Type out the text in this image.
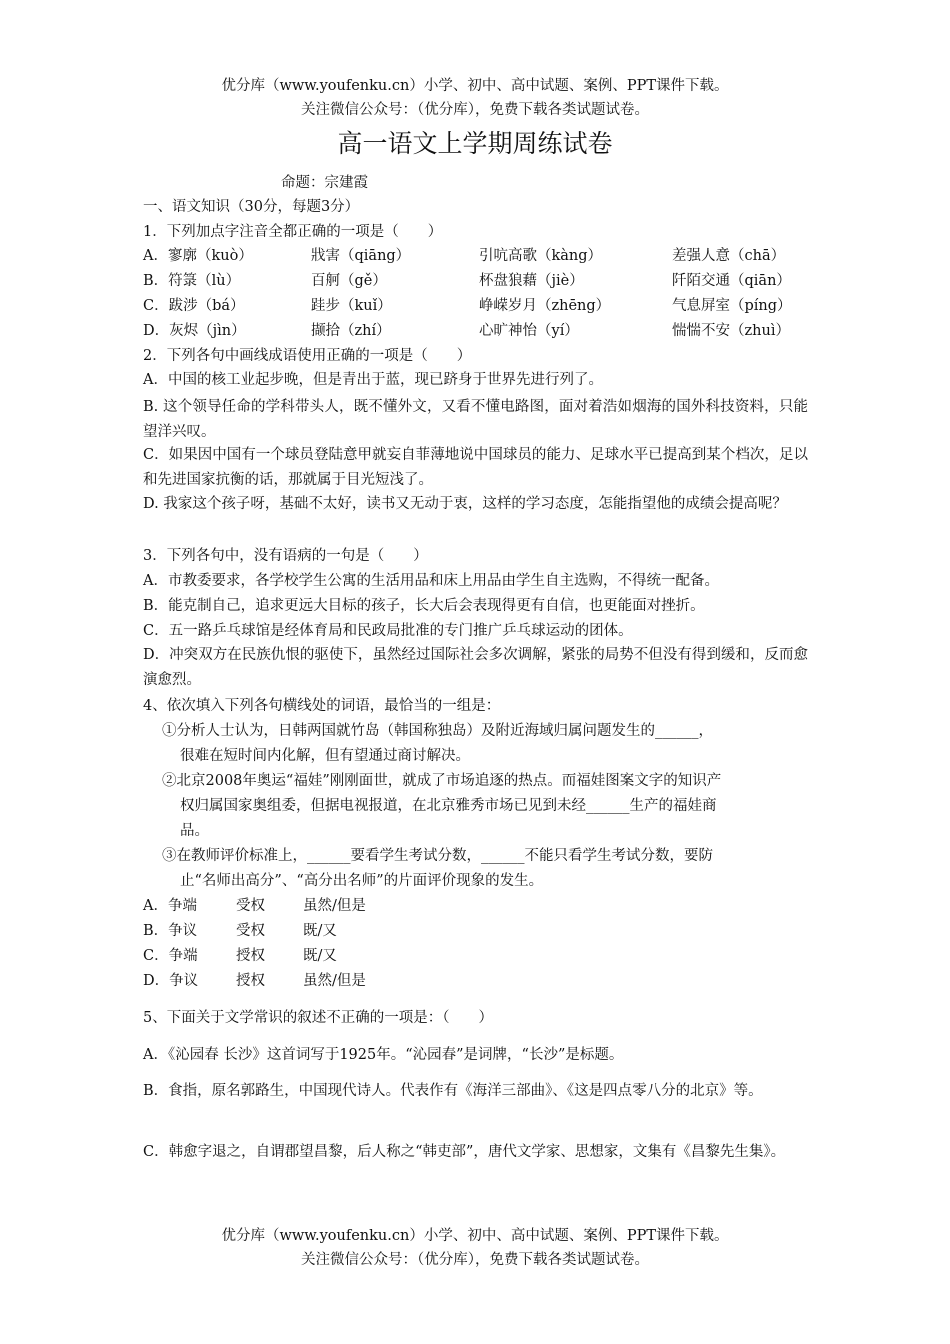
优分库（www.youfenku.cn）小学、初中、高中试题、案例、PPT课件下载。
关注微信公众号：（优分库），免费下载各类试题试卷。
高一语文上学期周练试卷
命题：宗建霞
一、语文知识（30分，每题3分）
1．下列加点字注音全都正确的一项是（　　）
A．寥廓（kuò）	戕害（qiāng）	引吭高歌（kàng）	差强人意（chā）
B．符箓（lù）	百舸（gě）	杯盘狼藉（jiè）	阡陌交通（qiān）
C．跋涉（bá）	跬步（kuǐ）	峥嵘岁月（zhēng）	气息屏室（píng）
D．灰烬（jìn）	撷拾（zhí）	心旷神怡（yí）	惴惴不安（zhuì）
2．下列各句中画线成语使用正确的一项是（　　）
A．中国的核工业起步晚，但是青出于蓝，现已跻身于世界先进行列了。
B. 这个领导任命的学科带头人，既不懂外文，又看不懂电路图，面对着浩如烟海的国外科技资料，只能望洋兴叹。
C．如果因中国有一个球员登陆意甲就妄自菲薄地说中国球员的能力、足球水平已提高到某个档次，足以和先进国家抗衡的话，那就属于目光短浅了。
D. 我家这个孩子呀，基础不太好，读书又无动于衷，这样的学习态度，怎能指望他的成绩会提高呢？
3．下列各句中，没有语病的一句是（　　）
A．市教委要求，各学校学生公寓的生活用品和床上用品由学生自主选购，不得统一配备。
B．能克制自己，追求更远大目标的孩子，长大后会表现得更有自信，也更能面对挫折。
C．五一路乒乓球馆是经体育局和民政局批准的专门推广乒乓球运动的团体。
D．冲突双方在民族仇恨的驱使下，虽然经过国际社会多次调解，紧张的局势不但没有得到缓和，反而愈演愈烈。
4、依次填入下列各句横线处的词语，最恰当的一组是：
①分析人士认为，日韩两国就竹岛（韩国称独岛）及附近海域归属问题发生的______，
很难在短时间内化解，但有望通过商讨解决。
②北京2008年奥运“福娃”刚刚面世，就成了市场追逐的热点。而福娃图案文字的知识产
权归属国家奥组委，但据电视报道，在北京雅秀市场已见到未经______生产的福娃商
品。
③在教师评价标准上，______要看学生考试分数，______不能只看学生考试分数，要防
止“名师出高分”、“高分出名师”的片面评价现象的发生。
A．争端	受权	虽然/但是
B．争议	受权	既/又
C．争端	授权	既/又
D．争议	授权	虽然/但是
5、下面关于文学常识的叙述不正确的一项是：（　　）
A．《沁园春 长沙》这首词写于1925年。“沁园春”是词牌，“长沙”是标题。
B．食指，原名郭路生，中国现代诗人。代表作有《海洋三部曲》、《这是四点零八分的北京》等。
C．韩愈字退之，自谓郡望昌黎，后人称之“韩吏部”，唐代文学家、思想家，文集有《昌黎先生集》。
优分库（www.youfenku.cn）小学、初中、高中试题、案例、PPT课件下载。
关注微信公众号：（优分库），免费下载各类试题试卷。
